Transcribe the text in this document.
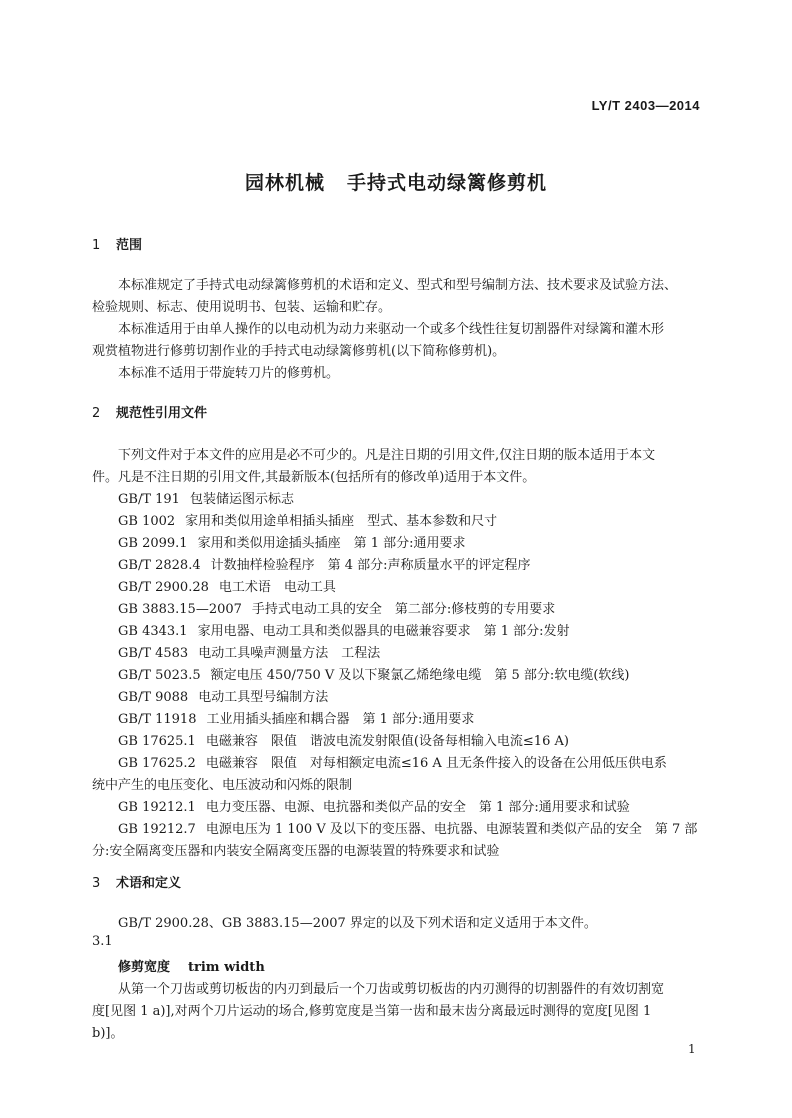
LY/T 2403—2014
园林机械 手持式电动绿篱修剪机
1 范围
本标准规定了手持式电动绿篱修剪机的术语和定义、型式和型号编制方法、技术要求及试验方法、
检验规则、标志、使用说明书、包装、运输和贮存。
本标准适用于由单人操作的以电动机为动力来驱动一个或多个线性往复切割器件对绿篱和灌木形
观赏植物进行修剪切割作业的手持式电动绿篱修剪机(以下简称修剪机)。
本标准不适用于带旋转刀片的修剪机。
2 规范性引用文件
下列文件对于本文件的应用是必不可少的。凡是注日期的引用文件,仅注日期的版本适用于本文
件。凡是不注日期的引用文件,其最新版本(包括所有的修改单)适用于本文件。
GB/T 191 包装储运图示标志
GB 1002 家用和类似用途单相插头插座　型式、基本参数和尺寸
GB 2099.1 家用和类似用途插头插座　第 1 部分:通用要求
GB/T 2828.4 计数抽样检验程序　第 4 部分:声称质量水平的评定程序
GB/T 2900.28 电工术语　电动工具
GB 3883.15—2007 手持式电动工具的安全　第二部分:修枝剪的专用要求
GB 4343.1 家用电器、电动工具和类似器具的电磁兼容要求　第 1 部分:发射
GB/T 4583 电动工具噪声测量方法　工程法
GB/T 5023.5 额定电压 450/750 V 及以下聚氯乙烯绝缘电缆　第 5 部分:软电缆(软线)
GB/T 9088 电动工具型号编制方法
GB/T 11918 工业用插头插座和耦合器　第 1 部分:通用要求
GB 17625.1 电磁兼容　限值　谐波电流发射限值(设备每相输入电流≤16 A)
GB 17625.2 电磁兼容　限值　对每相额定电流≤16 A 且无条件接入的设备在公用低压供电系
统中产生的电压变化、电压波动和闪烁的限制
GB 19212.1 电力变压器、电源、电抗器和类似产品的安全　第 1 部分:通用要求和试验
GB 19212.7 电源电压为 1 100 V 及以下的变压器、电抗器、电源装置和类似产品的安全　第 7 部
分:安全隔离变压器和内装安全隔离变压器的电源装置的特殊要求和试验
3 术语和定义
GB/T 2900.28、GB 3883.15—2007 界定的以及下列术语和定义适用于本文件。
3.1
修剪宽度 trim width
从第一个刀齿或剪切板齿的内刃到最后一个刀齿或剪切板齿的内刃测得的切割器件的有效切割宽
度[见图 1 a)],对两个刀片运动的场合,修剪宽度是当第一齿和最末齿分离最远时测得的宽度[见图 1
b)]。
1
